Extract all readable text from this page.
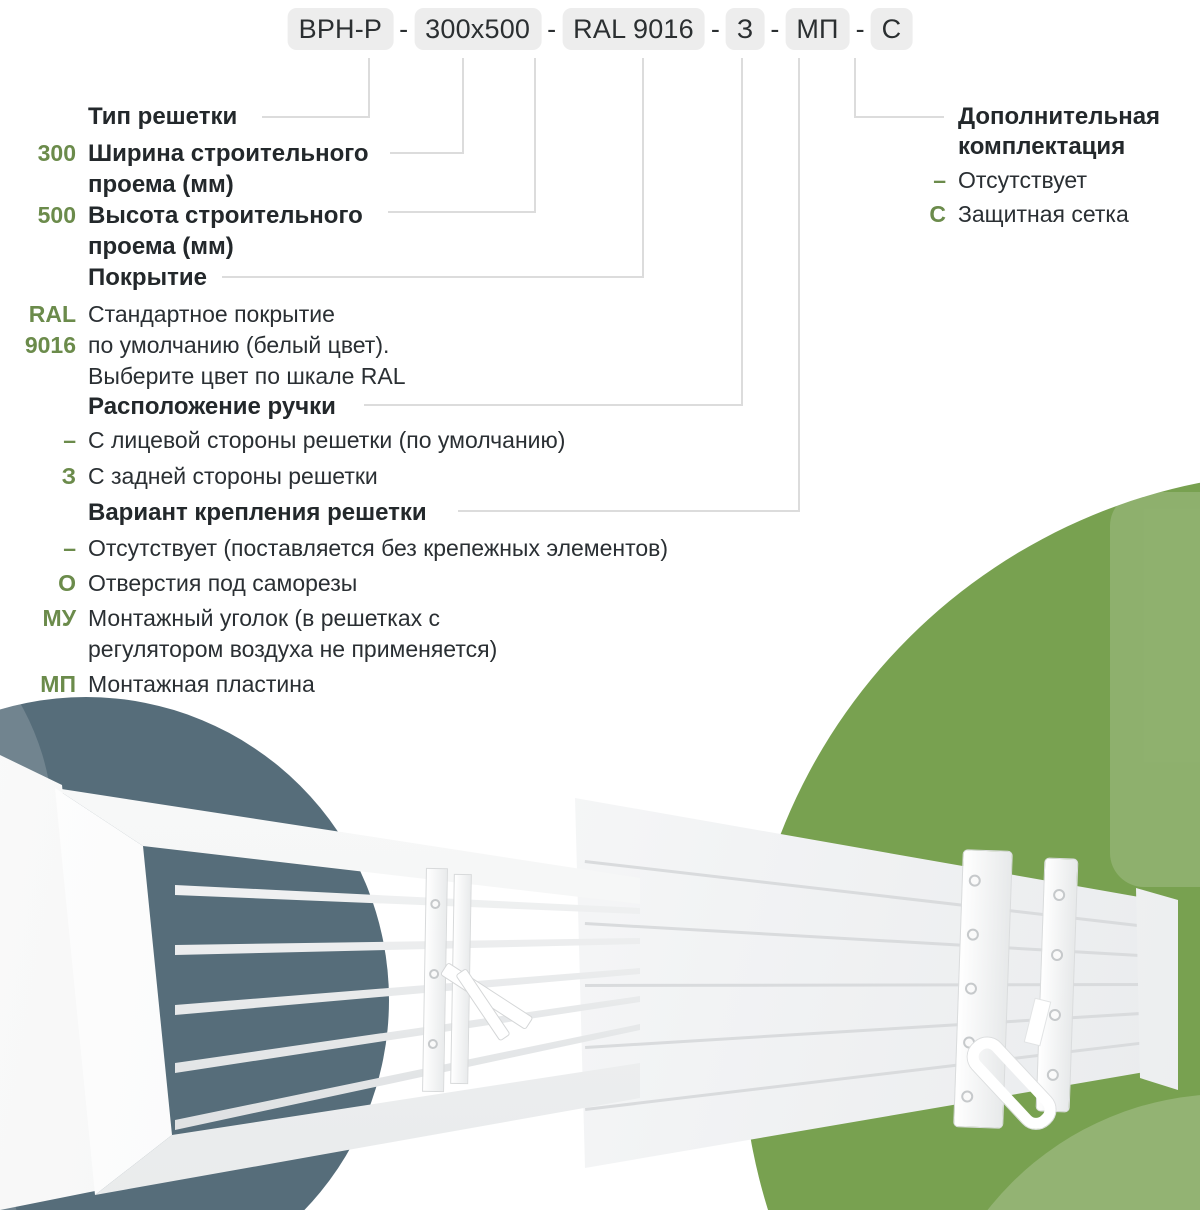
ВРН-Р - 300х500 - RAL 9016 - З - МП - С
Тип решетки
300 Ширина строительного
проема (мм)
500 Высота строительного
проема (мм)
Покрытие
RAL
9016
Стандартное покрытие
по умолчанию (белый цвет).
Выберите цвет по шкале RAL
Расположение ручки
– С лицевой стороны решетки (по умолчанию)
З С задней стороны решетки
Вариант крепления решетки
– Отсутствует (поставляется без крепежных элементов)
О Отверстия под саморезы
МУ Монтажный уголок (в решетках с
регулятором воздуха не применяется)
МП Монтажная пластина
Дополнительная
комплектация
– Отсутствует
С Защитная сетка
